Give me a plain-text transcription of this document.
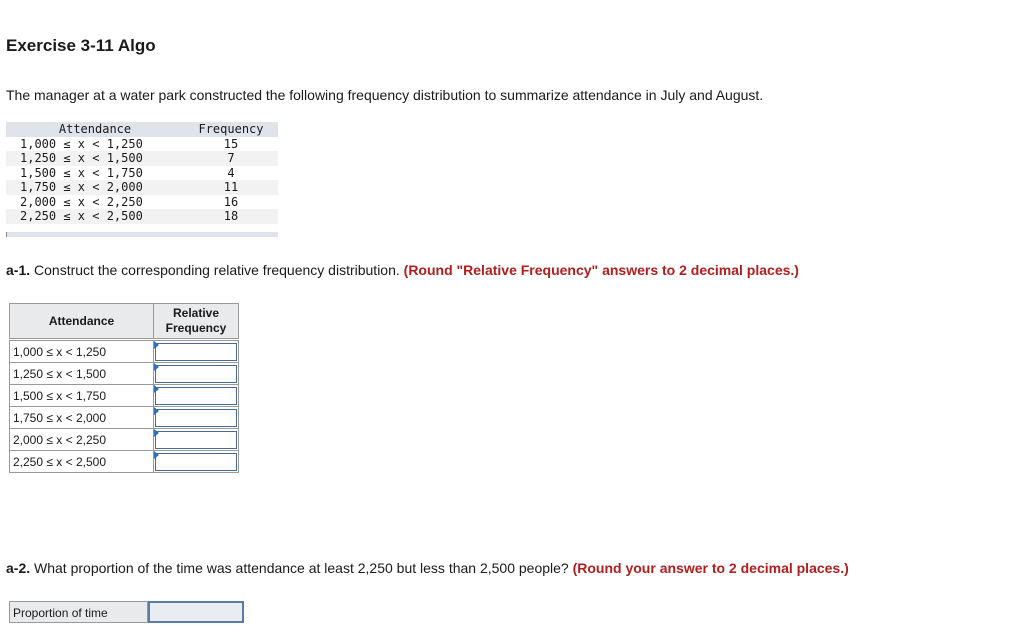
Exercise 3-11 Algo

The manager at a water park constructed the following frequency distribution to summarize attendance in July and August.

Attendance	Frequency
1,000 ≤ x < 1,250	15
1,250 ≤ x < 1,500	7
1,500 ≤ x < 1,750	4
1,750 ≤ x < 2,000	11
2,000 ≤ x < 2,250	16
2,250 ≤ x < 2,500	18

a-1. Construct the corresponding relative frequency distribution. (Round "Relative Frequency" answers to 2 decimal places.)

Attendance	Relative
Frequency

1,000 ≤ x < 1,250	

1,250 ≤ x < 1,500	

1,500 ≤ x < 1,750	

1,750 ≤ x < 2,000	

2,000 ≤ x < 2,250	

2,250 ≤ x < 2,500	

a-2. What proportion of the time was attendance at least 2,250 but less than 2,500 people? (Round your answer to 2 decimal places.)

Proportion of time
